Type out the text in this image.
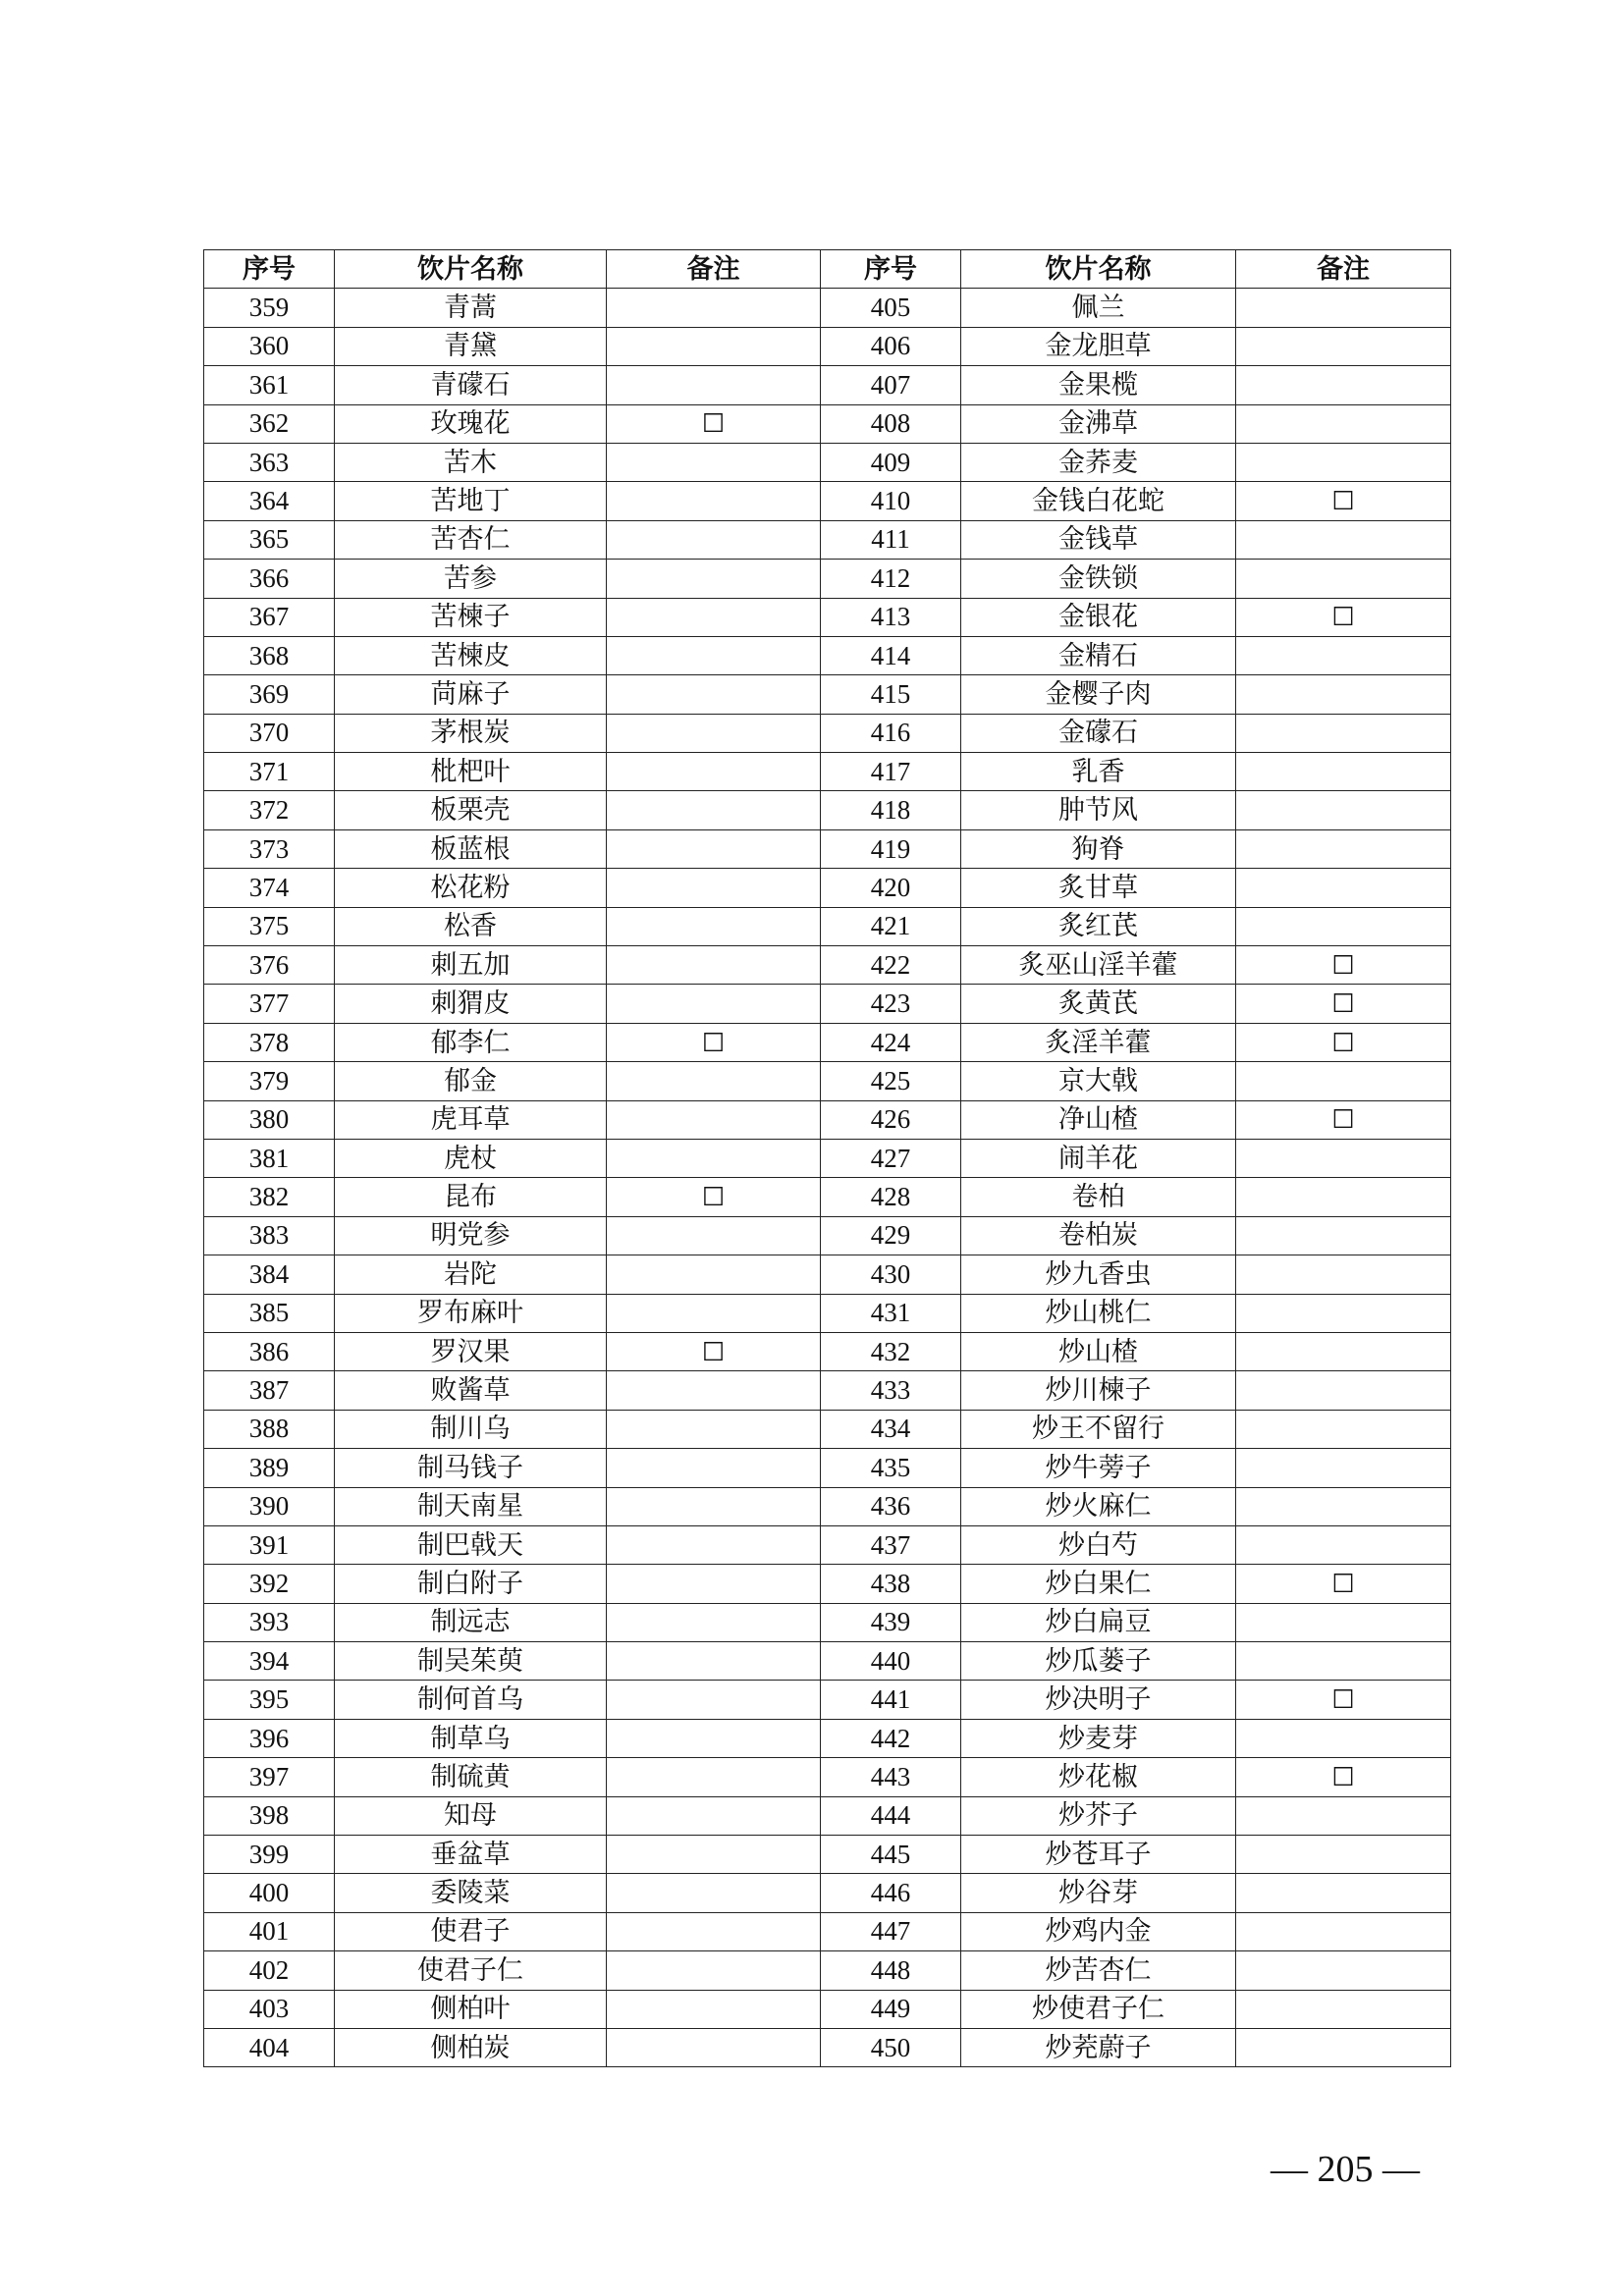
序号	饮片名称	备注	序号	饮片名称	备注
359	青蒿		405	佩兰	
360	青黛		406	金龙胆草	
361	青礞石		407	金果榄	
362	玫瑰花	☐	408	金沸草	
363	苦木		409	金荞麦	
364	苦地丁		410	金钱白花蛇	☐
365	苦杏仁		411	金钱草	
366	苦参		412	金铁锁	
367	苦楝子		413	金银花	☐
368	苦楝皮		414	金精石	
369	苘麻子		415	金樱子肉	
370	茅根炭		416	金礞石	
371	枇杷叶		417	乳香	
372	板栗壳		418	肿节风	
373	板蓝根		419	狗脊	
374	松花粉		420	炙甘草	
375	松香		421	炙红芪	
376	刺五加		422	炙巫山淫羊藿	☐
377	刺猬皮		423	炙黄芪	☐
378	郁李仁	☐	424	炙淫羊藿	☐
379	郁金		425	京大戟	
380	虎耳草		426	净山楂	☐
381	虎杖		427	闹羊花	
382	昆布	☐	428	卷柏	
383	明党参		429	卷柏炭	
384	岩陀		430	炒九香虫	
385	罗布麻叶		431	炒山桃仁	
386	罗汉果	☐	432	炒山楂	
387	败酱草		433	炒川楝子	
388	制川乌		434	炒王不留行	
389	制马钱子		435	炒牛蒡子	
390	制天南星		436	炒火麻仁	
391	制巴戟天		437	炒白芍	
392	制白附子		438	炒白果仁	☐
393	制远志		439	炒白扁豆	
394	制吴茱萸		440	炒瓜蒌子	
395	制何首乌		441	炒决明子	☐
396	制草乌		442	炒麦芽	
397	制硫黄		443	炒花椒	☐
398	知母		444	炒芥子	
399	垂盆草		445	炒苍耳子	
400	委陵菜		446	炒谷芽	
401	使君子		447	炒鸡内金	
402	使君子仁		448	炒苦杏仁	
403	侧柏叶		449	炒使君子仁	
404	侧柏炭		450	炒茺蔚子	
— 205 —
